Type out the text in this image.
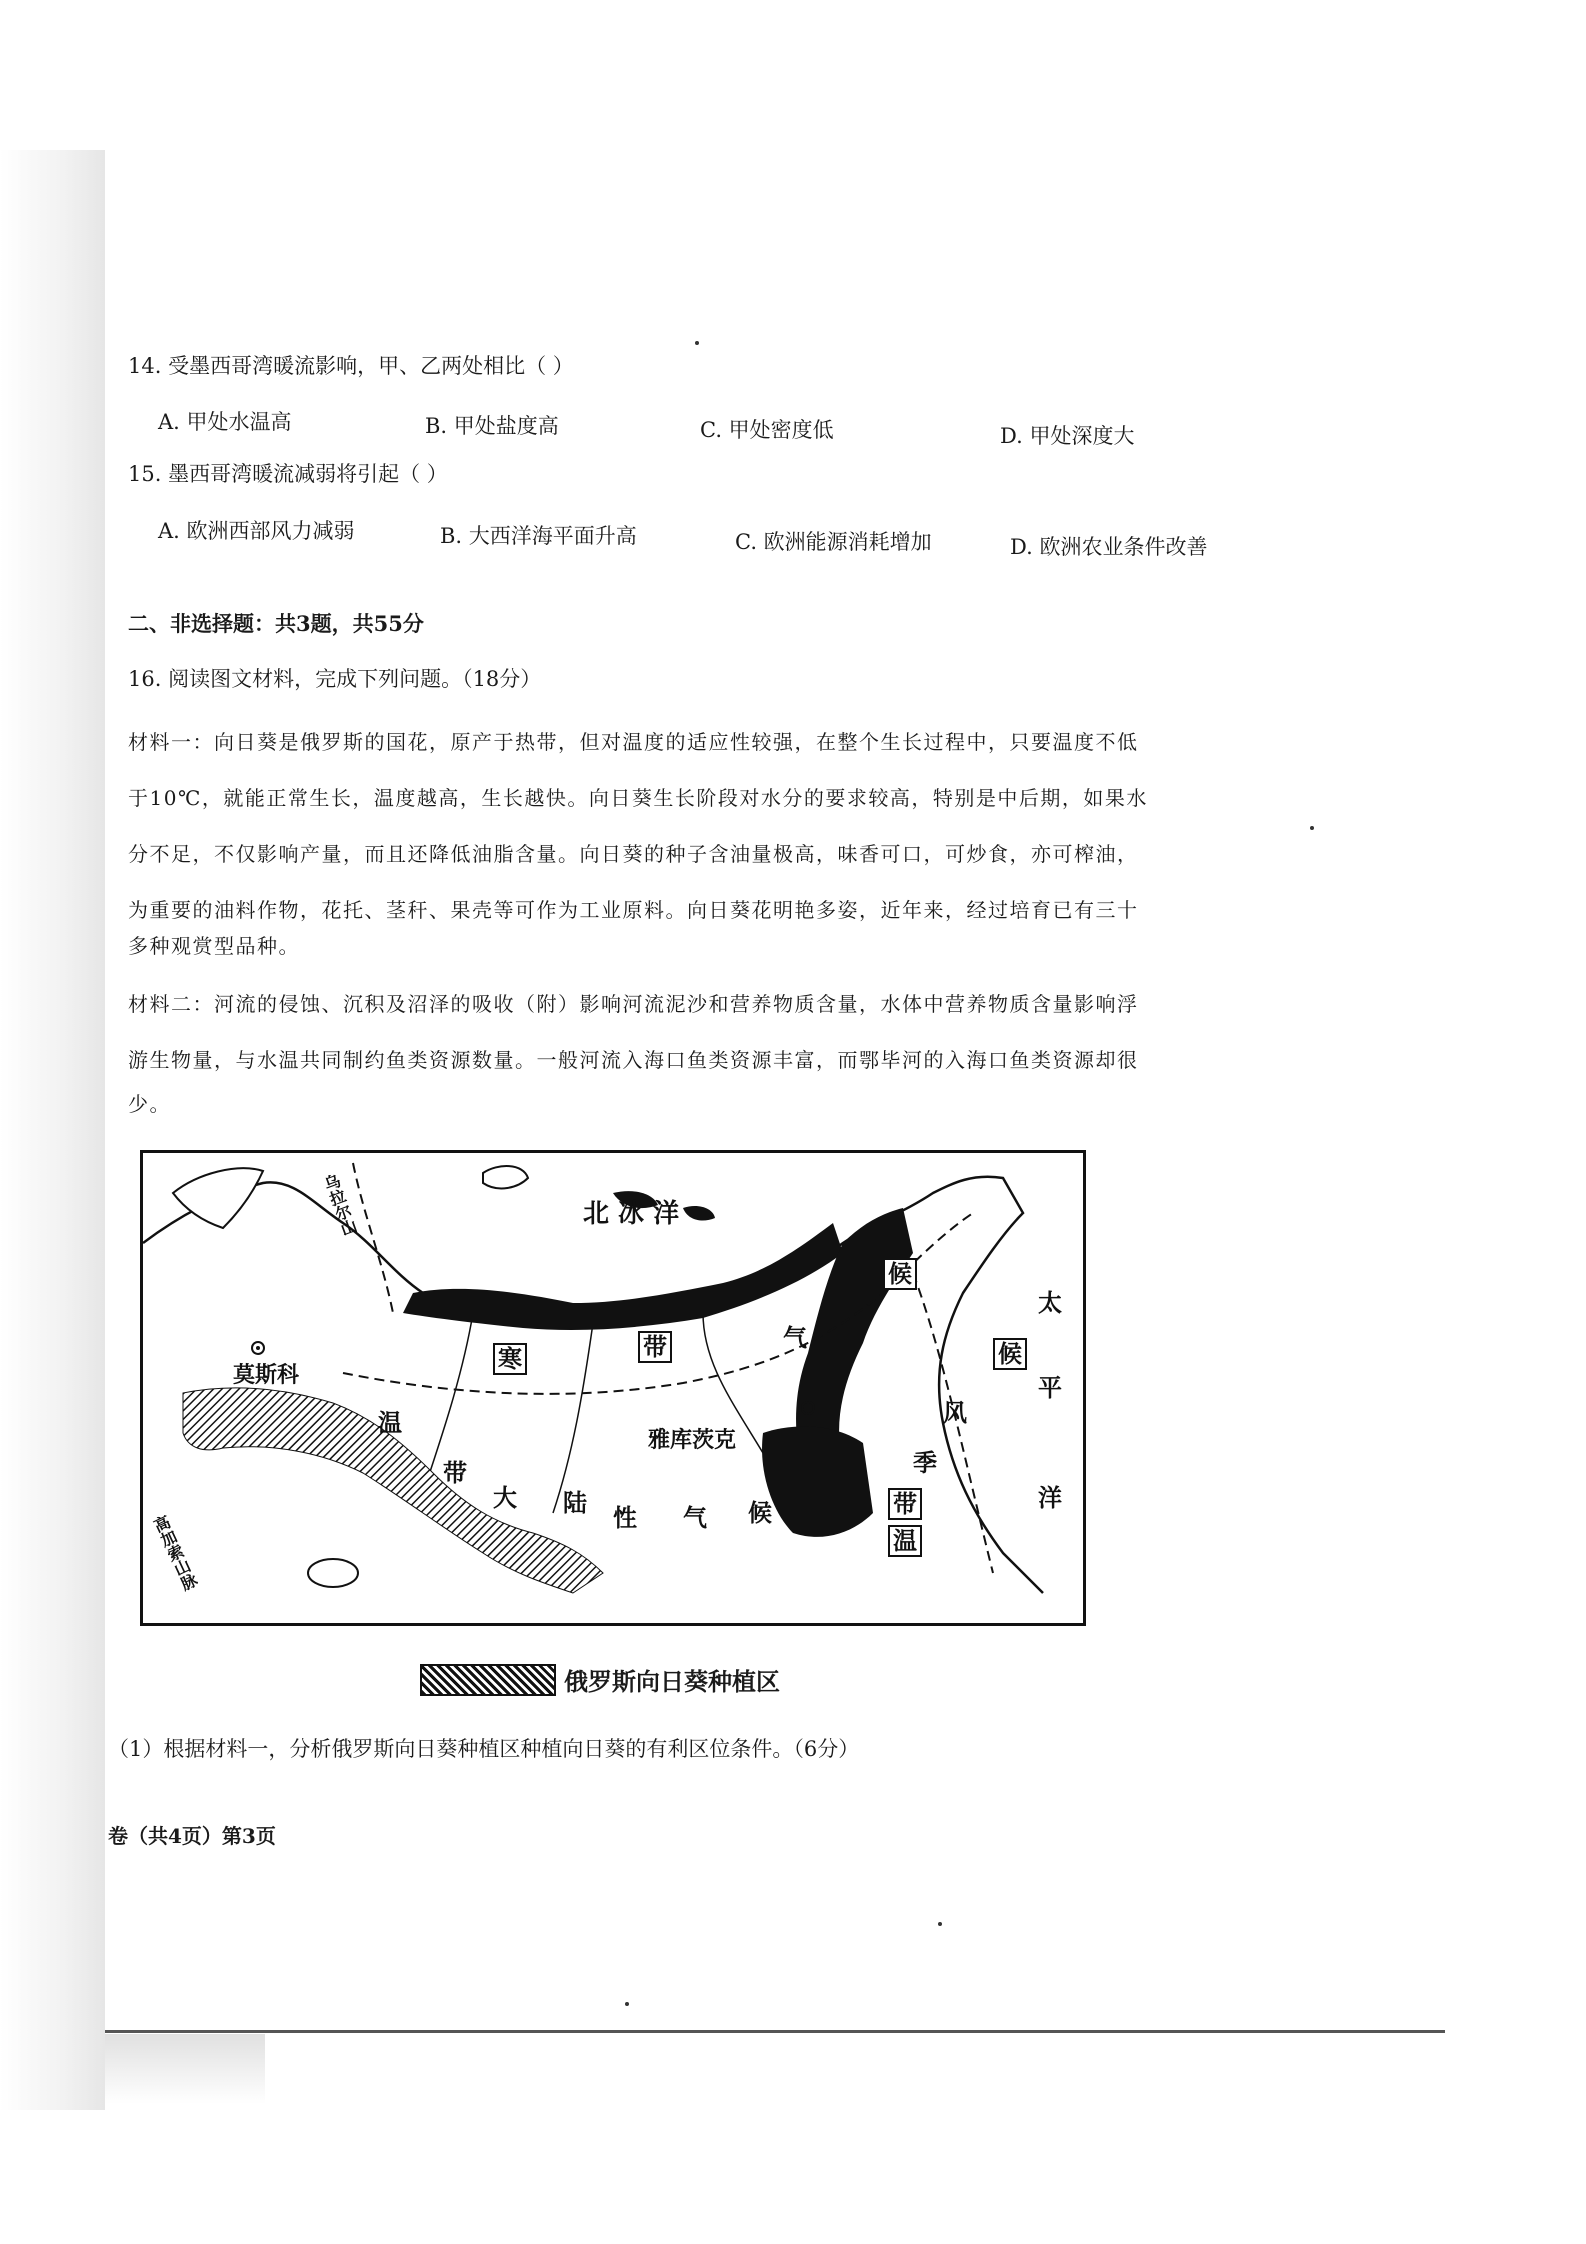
14. 受墨西哥湾暖流影响，甲、乙两处相比（ ）
A. 甲处水温高	B. 甲处盐度高	C. 甲处密度低	D. 甲处深度大
15. 墨西哥湾暖流减弱将引起（ ）
A. 欧洲西部风力减弱	B. 大西洋海平面升高	C. 欧洲能源消耗增加	D. 欧洲农业条件改善
二、非选择题：共3题，共55分
16. 阅读图文材料，完成下列问题。（18分）
材料一：向日葵是俄罗斯的国花，原产于热带，但对温度的适应性较强，在整个生长过程中，只要温度不低
于10℃，就能正常生长，温度越高，生长越快。向日葵生长阶段对水分的要求较高，特别是中后期，如果水
分不足，不仅影响产量，而且还降低油脂含量。向日葵的种子含油量极高，味香可口，可炒食，亦可榨油，
为重要的油料作物，花托、茎秆、果壳等可作为工业原料。向日葵花明艳多姿，近年来，经过培育已有三十
多种观赏型品种。
材料二：河流的侵蚀、沉积及沼泽的吸收（附）影响河流泥沙和营养物质含量，水体中营养物质含量影响浮
游生物量，与水温共同制约鱼类资源数量。一般河流入海口鱼类资源丰富，而鄂毕河的入海口鱼类资源却很
少。
北 冰 洋
莫斯科
雅库茨克
乌拉尔山
高加索山脉
温
带
大 陆
性 气 候
寒	带	气
候
太
平
洋
候
风
季
带
温
俄罗斯向日葵种植区
（1）根据材料一，分析俄罗斯向日葵种植区种植向日葵的有利区位条件。（6分）
卷（共4页）第3页
